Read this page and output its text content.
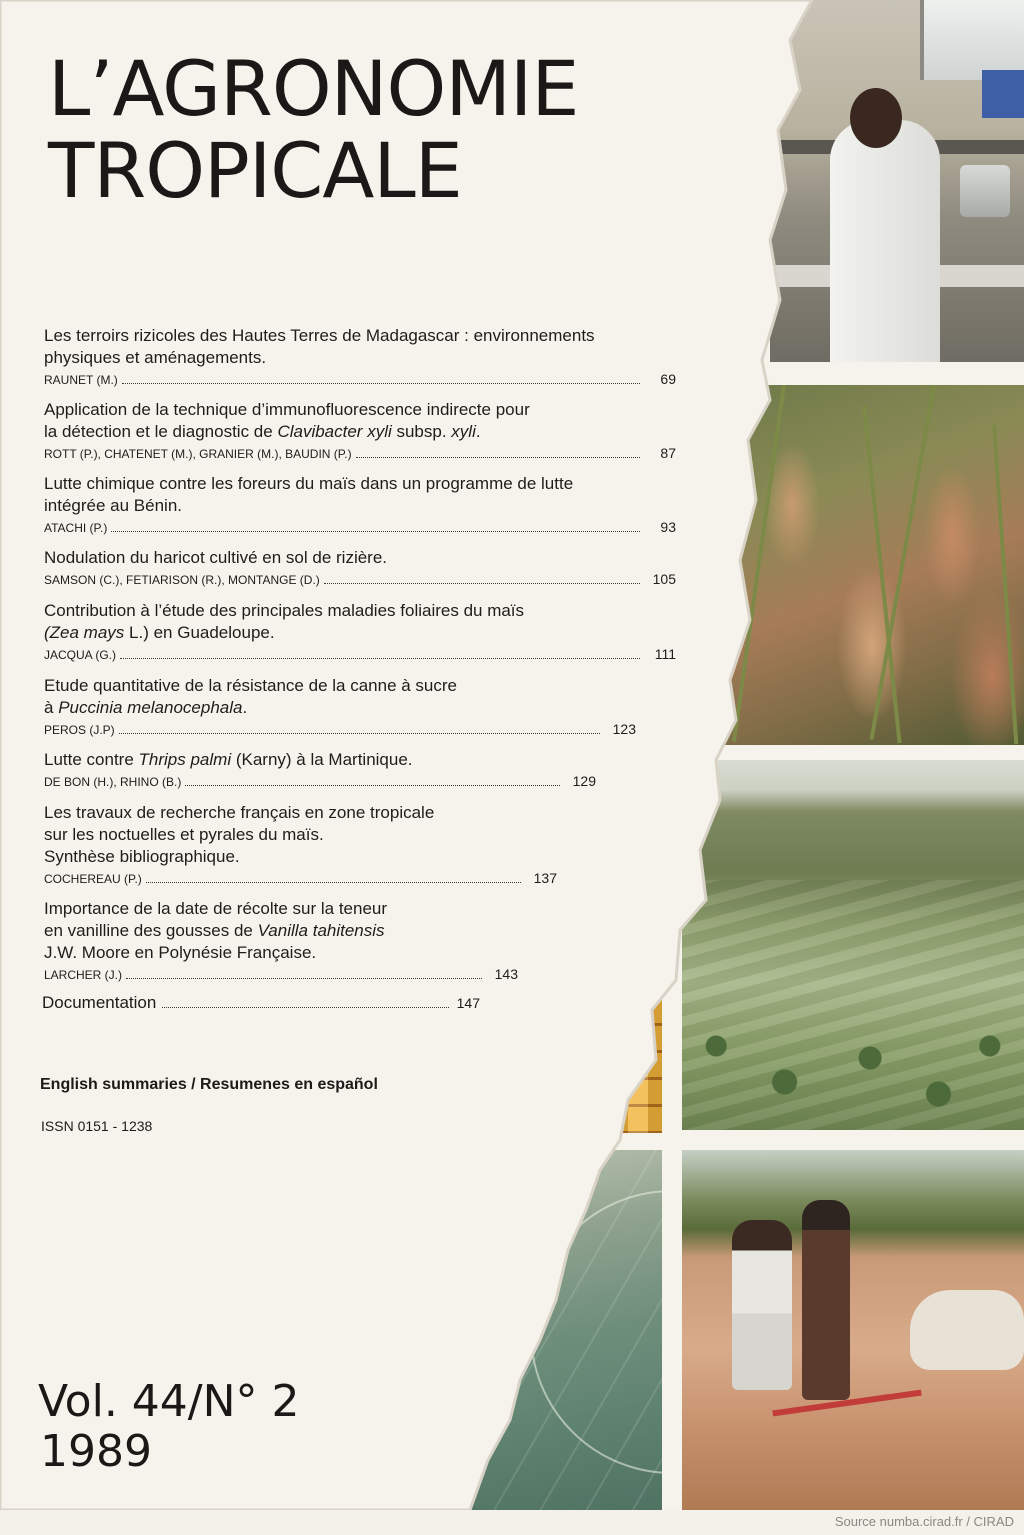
L’AGRONOMIE
TROPICALE
Les terroirs rizicoles des Hautes Terres de Madagascar : environnements
physiques et aménagements.
RAUNET (M.)	69
Application de la technique d’immunofluorescence indirecte pour
la détection et le diagnostic de Clavibacter xyli subsp. xyli.
ROTT (P.), CHATENET (M.), GRANIER (M.), BAUDIN (P.)	87
Lutte chimique contre les foreurs du maïs dans un programme de lutte
intégrée au Bénin.
ATACHI (P.)	93
Nodulation du haricot cultivé en sol de rizière.
SAMSON (C.), FETIARISON (R.), MONTANGE (D.)	105
Contribution à l’étude des principales maladies foliaires du maïs
(Zea mays L.) en Guadeloupe.
JACQUA (G.)	111
Etude quantitative de la résistance de la canne à sucre
à Puccinia melanocephala.
PEROS (J.P)	123
Lutte contre Thrips palmi (Karny) à la Martinique.
DE BON (H.), RHINO (B.)	129
Les travaux de recherche français en zone tropicale
sur les noctuelles et pyrales du maïs.
Synthèse bibliographique.
COCHEREAU (P.)	137
Importance de la date de récolte sur la teneur
en vanilline des gousses de Vanilla tahitensis
J.W. Moore en Polynésie Française.
LARCHER (J.)	143
Documentation	147
English summaries / Resumenes en español
ISSN 0151 - 1238
Vol. 44/N° 2
1989
Source numba.cirad.fr / CIRAD
